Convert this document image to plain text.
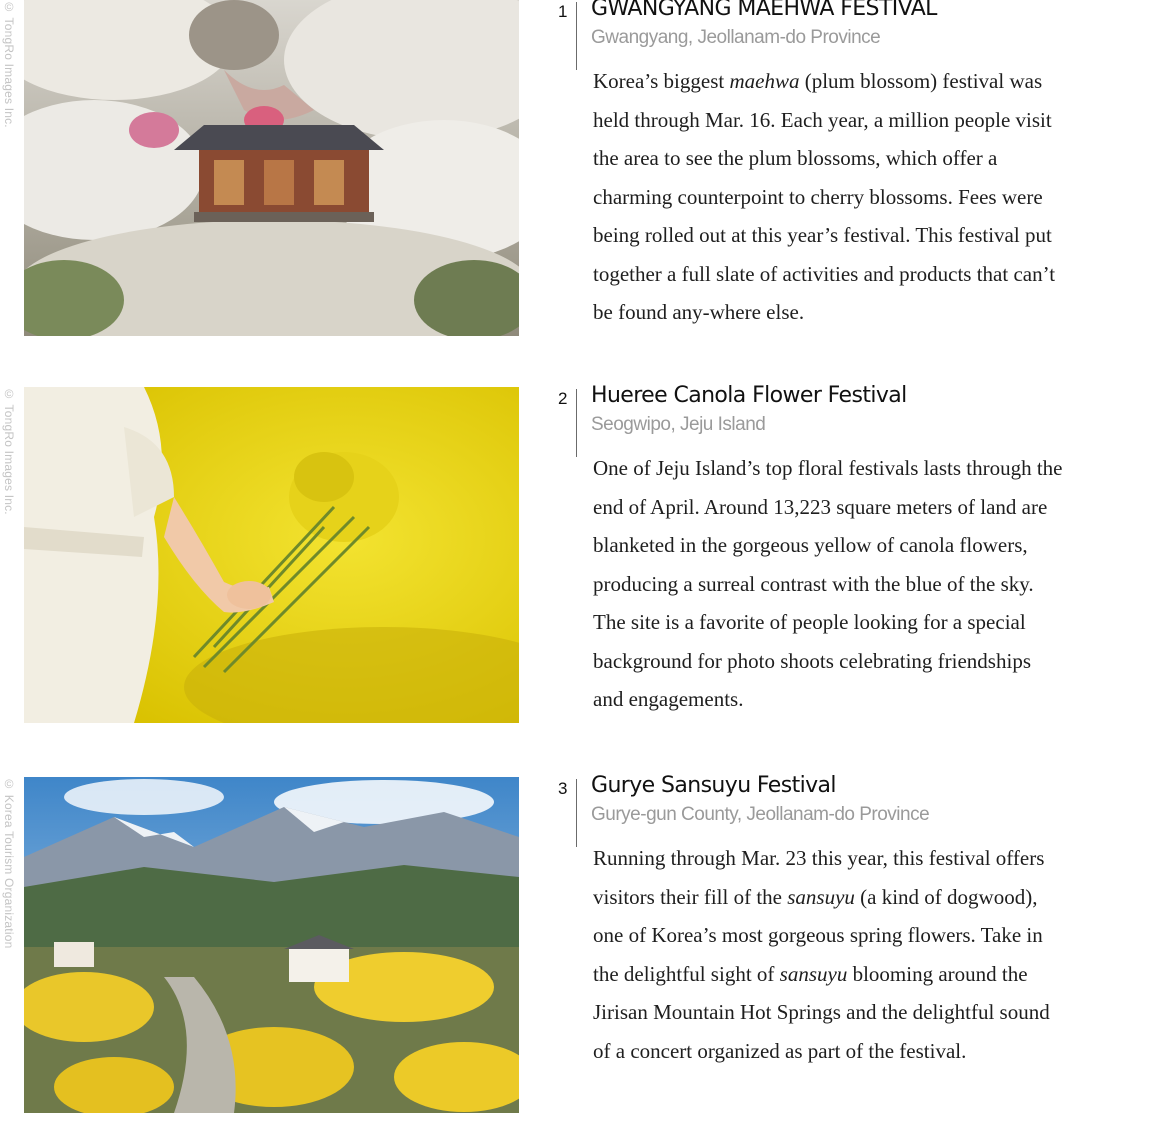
© TongRo Images Inc.	1 GWANGYANG MAEHWA FESTIVAL
Gwangyang, Jeollanam-do Province

Korea’s biggest maehwa (plum blossom) festival was

held through Mar. 16. Each year, a million people visit

the area to see the plum blossoms, which offer a

charming counterpoint to cherry blossoms. Fees were

being rolled out at this year’s festival. This festival put

together a full slate of activities and products that can’t

be found any-where else.

© TongRo Images Inc.	2 Hueree Canola Flower Festival
Seogwipo, Jeju Island

One of Jeju Island’s top floral festivals lasts through the

end of April. Around 13,223 square meters of land are

blanketed in the gorgeous yellow of canola flowers,

producing a surreal contrast with the blue of the sky.

The site is a favorite of people looking for a special

background for photo shoots celebrating friendships

and engagements.

© Korea Tourism Organization	3 Gurye Sansuyu Festival
Gurye-gun County, Jeollanam-do Province

Running through Mar. 23 this year, this festival offers

visitors their fill of the sansuyu (a kind of dogwood),

one of Korea’s most gorgeous spring flowers. Take in

the delightful sight of sansuyu blooming around the

Jirisan Mountain Hot Springs and the delightful sound

of a concert organized as part of the festival.
